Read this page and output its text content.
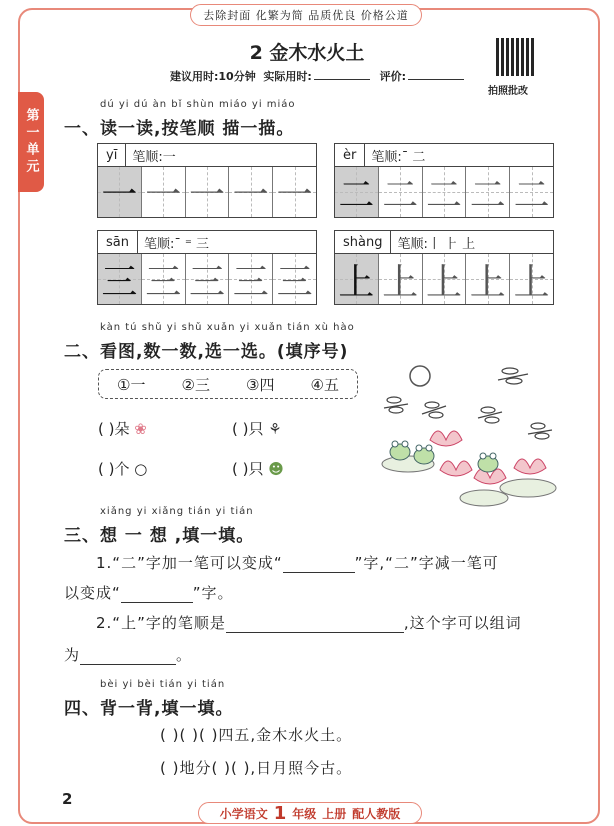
去除封面 化繁为简 品质优良 价格公道
第一单元
2 金木水火土
建议用时:10分钟 实际用时:	评价:
拍照批改
dú yi dú àn bǐ shùn miáo yi miáo
一、读一读,按笔顺 描一描。
yī	笔顺:一
一 一 一 一 一
èr	笔顺:¯ 二
二 二 二 二 二
sān	笔顺:¯ ⁼ 三
三 三 三 三 三
shàng	笔顺:丨 ⺊ 上
上 上 上 上 上
kàn tú shǔ yi shǔ xuǎn yi xuǎn tián xù hào
二、看图,数一数,选一选。(填序号)
①一 ②三 ③四 ④五
( )朵 ❀	( )只 ⚘
( )个 ○	( )只 ☻
xiǎng yi xiǎng tián yi tián
三、想 一 想 ,填一填。
1.“二”字加一笔可以变成“	”字,“二”字减一笔可
以变成“	”字。
2.“上”字的笔顺是	,这个字可以组词
为	。
bèi yi bèi tián yi tián
四、背一背,填一填。
( )( )( )四五,金木水火土。
( )地分( )( ),日月照今古。
2
小学语文 1 年级 上册 配人教版
